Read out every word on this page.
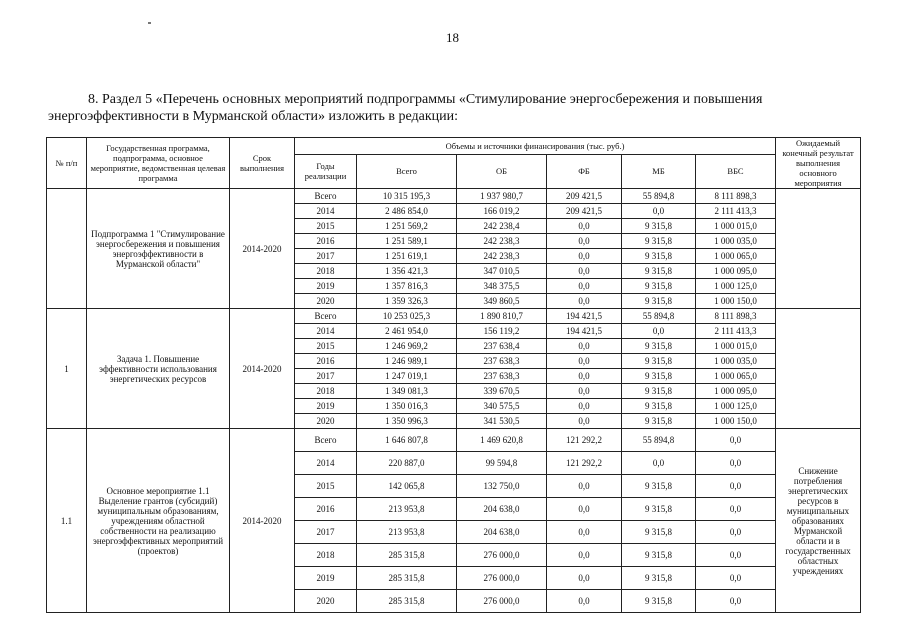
18
8. Раздел 5 «Перечень основных мероприятий подпрограммы «Стимулирование энергосбережения и повышения энергоэффективности в Мурманской области» изложить в редакции:
№ п/п	Государственная программа, подпрограмма, основное мероприятие, ведомственная целевая программа	Срок выполнения	Объемы и источники финансирования (тыс. руб.)						Ожидаемый конечный результат выполнения основного мероприятия
			Годы реализации	Всего	ОБ	ФБ	МБ	ВБС	
	Подпрограмма 1 "Стимулирование энергосбережения и повышения энергоэффективности в Мурманской области"	2014-2020	Всего	10 315 195,3	1 937 980,7	209 421,5	55 894,8	8 111 898,3	
			2014	2 486 854,0	166 019,2	209 421,5	0,0	2 111 413,3	
			2015	1 251 569,2	242 238,4	0,0	9 315,8	1 000 015,0	
			2016	1 251 589,1	242 238,3	0,0	9 315,8	1 000 035,0	
			2017	1 251 619,1	242 238,3	0,0	9 315,8	1 000 065,0	
			2018	1 356 421,3	347 010,5	0,0	9 315,8	1 000 095,0	
			2019	1 357 816,3	348 375,5	0,0	9 315,8	1 000 125,0	
			2020	1 359 326,3	349 860,5	0,0	9 315,8	1 000 150,0	
1	Задача 1. Повышение эффективности использования энергетических ресурсов	2014-2020	Всего	10 253 025,3	1 890 810,7	194 421,5	55 894,8	8 111 898,3	
			2014	2 461 954,0	156 119,2	194 421,5	0,0	2 111 413,3	
			2015	1 246 969,2	237 638,4	0,0	9 315,8	1 000 015,0	
			2016	1 246 989,1	237 638,3	0,0	9 315,8	1 000 035,0	
			2017	1 247 019,1	237 638,3	0,0	9 315,8	1 000 065,0	
			2018	1 349 081,3	339 670,5	0,0	9 315,8	1 000 095,0	
			2019	1 350 016,3	340 575,5	0,0	9 315,8	1 000 125,0	
			2020	1 350 996,3	341 530,5	0,0	9 315,8	1 000 150,0	
1.1	Основное мероприятие 1.1 Выделение грантов (субсидий) муниципальным образованиям, учреждениям областной собственности на реализацию энергоэффективных мероприятий (проектов)	2014-2020	Всего	1 646 807,8	1 469 620,8	121 292,2	55 894,8	0,0	Снижение потребления энергетических ресурсов в муниципальных образованиях Мурманской области и в государственных областных учреждениях
			2014	220 887,0	99 594,8	121 292,2	0,0	0,0	
			2015	142 065,8	132 750,0	0,0	9 315,8	0,0	
			2016	213 953,8	204 638,0	0,0	9 315,8	0,0	
			2017	213 953,8	204 638,0	0,0	9 315,8	0,0	
			2018	285 315,8	276 000,0	0,0	9 315,8	0,0	
			2019	285 315,8	276 000,0	0,0	9 315,8	0,0	
			2020	285 315,8	276 000,0	0,0	9 315,8	0,0	
